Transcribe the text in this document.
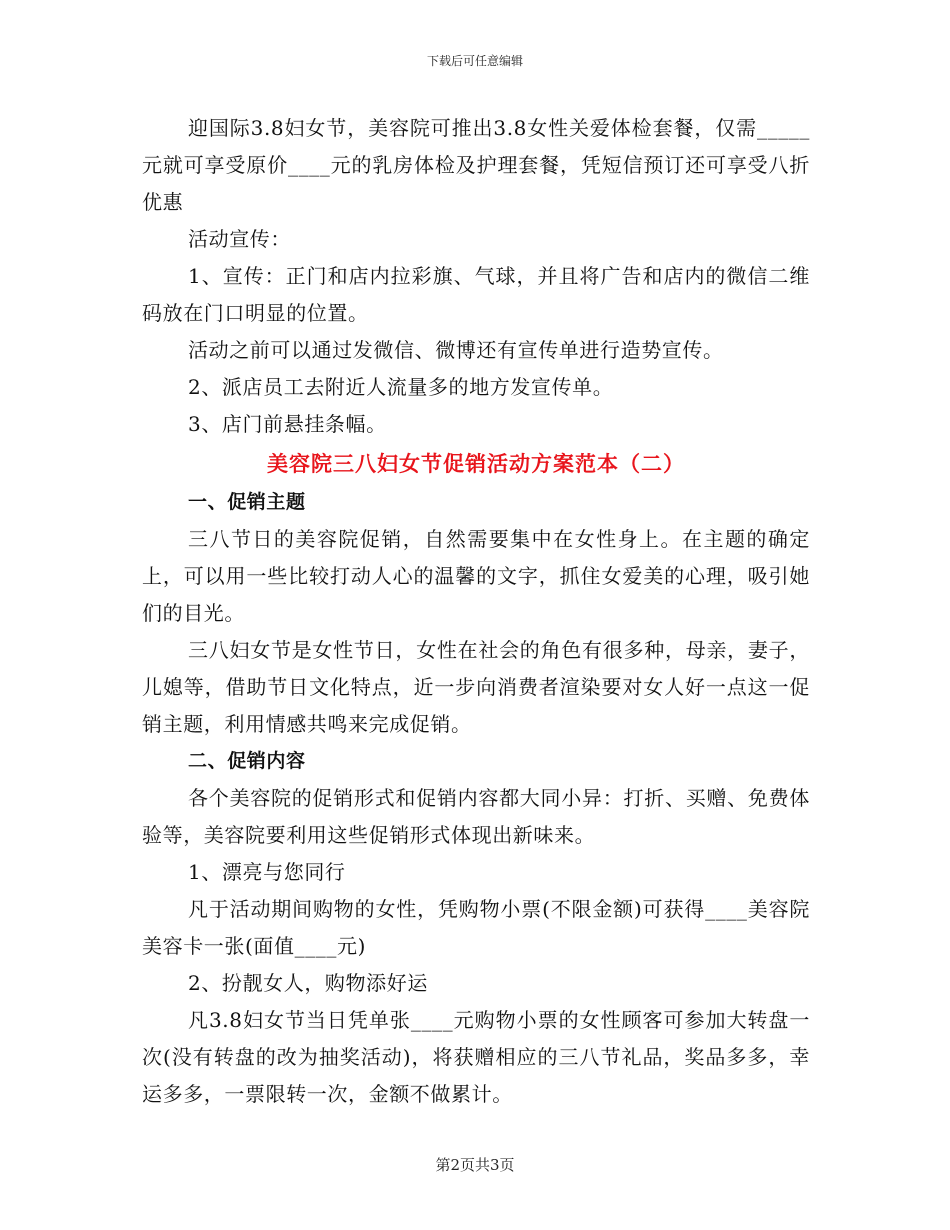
下载后可任意编辑

迎国际3.8妇女节，美容院可推出3.8女性关爱体检套餐，仅需_____元就可享受原价____元的乳房体检及护理套餐，凭短信预订还可享受八折优惠

活动宣传：

1、宣传：正门和店内拉彩旗、气球，并且将广告和店内的微信二维码放在门口明显的位置。

活动之前可以通过发微信、微博还有宣传单进行造势宣传。

2、派店员工去附近人流量多的地方发宣传单。

3、店门前悬挂条幅。

美容院三八妇女节促销活动方案范本（二）

一、促销主题

三八节日的美容院促销，自然需要集中在女性身上。在主题的确定上，可以用一些比较打动人心的温馨的文字，抓住女爱美的心理，吸引她们的目光。

三八妇女节是女性节日，女性在社会的角色有很多种，母亲，妻子，儿媳等，借助节日文化特点，近一步向消费者渲染要对女人好一点这一促销主题，利用情感共鸣来完成促销。

二、促销内容

各个美容院的促销形式和促销内容都大同小异：打折、买赠、免费体验等，美容院要利用这些促销形式体现出新味来。

1、漂亮与您同行

凡于活动期间购物的女性，凭购物小票(不限金额)可获得____美容院美容卡一张(面值____元)

2、扮靓女人，购物添好运

凡3.8妇女节当日凭单张____元购物小票的女性顾客可参加大转盘一次(没有转盘的改为抽奖活动)，将获赠相应的三八节礼品，奖品多多，幸运多多，一票限转一次，金额不做累计。

第2页共3页
